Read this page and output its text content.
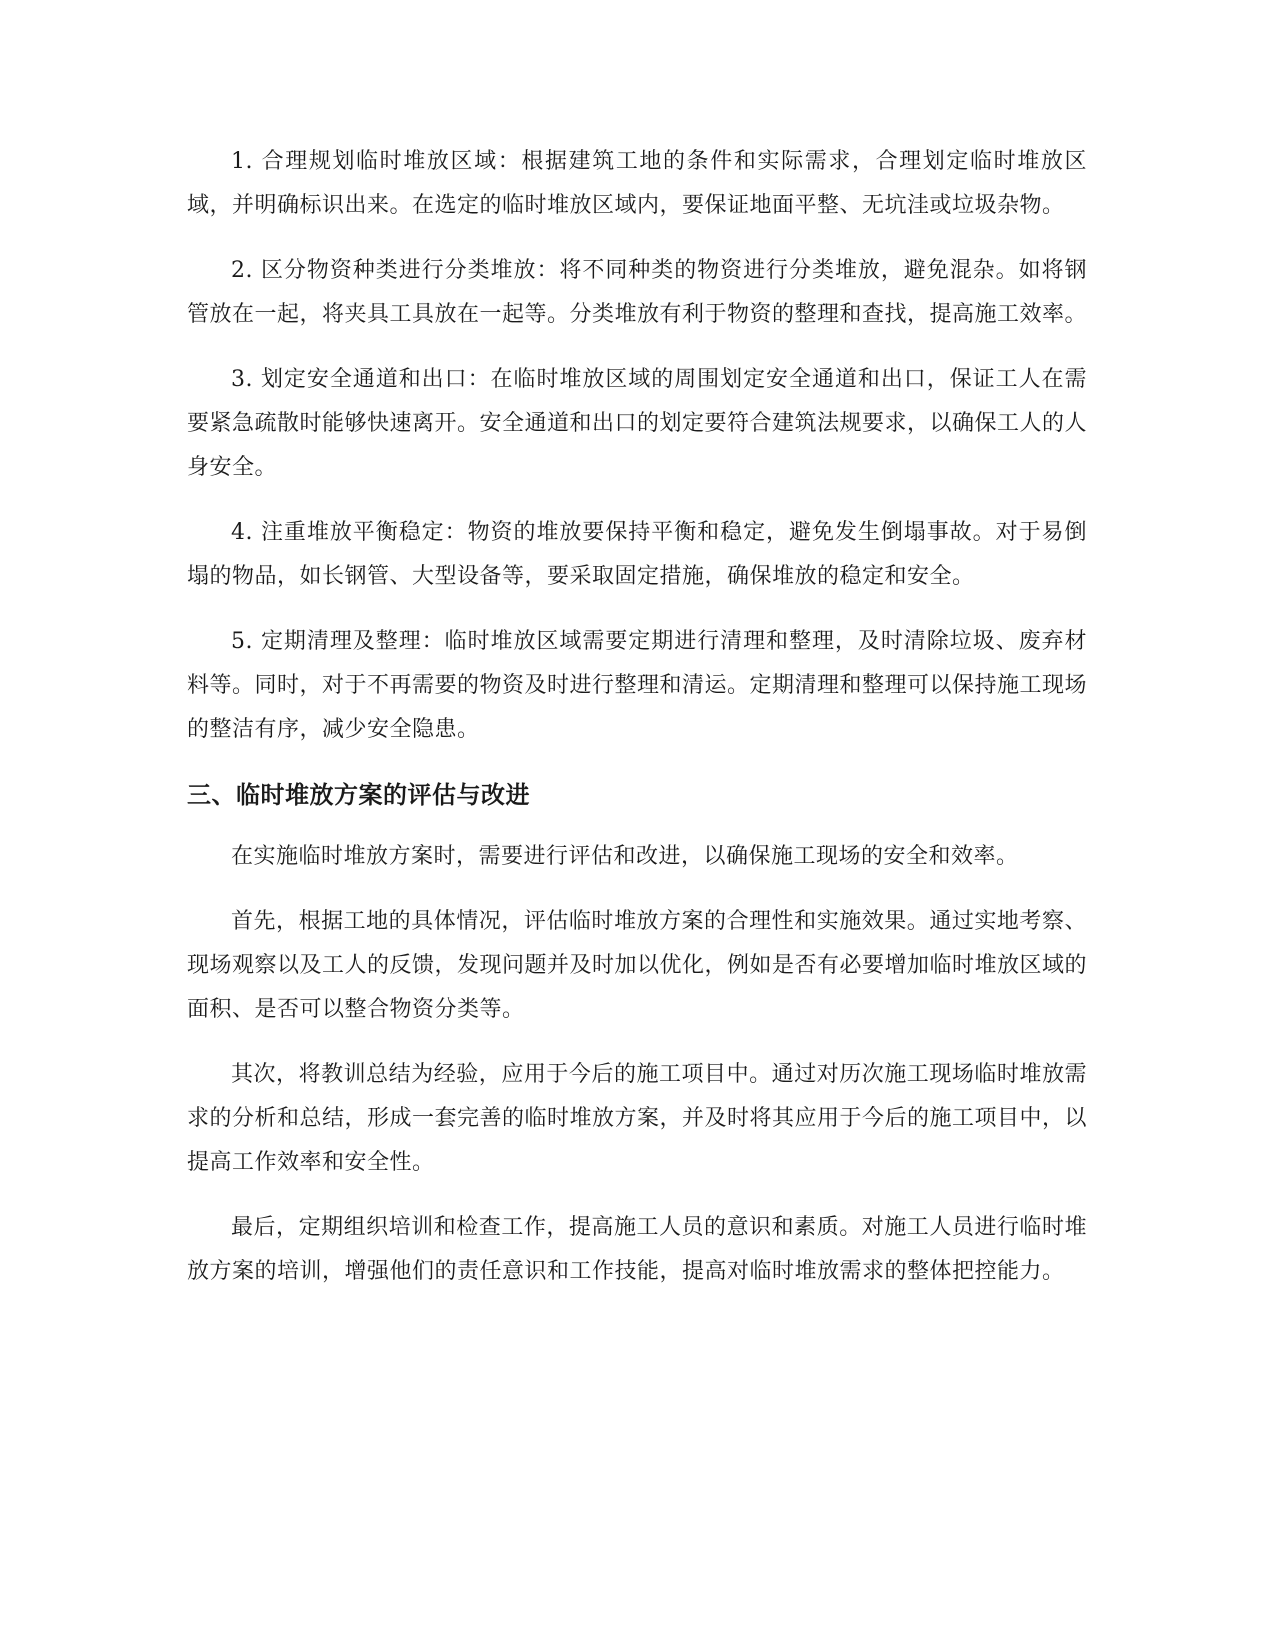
1. 合理规划临时堆放区域：根据建筑工地的条件和实际需求，合理划定临时堆放区域，并明确标识出来。在选定的临时堆放区域内，要保证地面平整、无坑洼或垃圾杂物。

2. 区分物资种类进行分类堆放：将不同种类的物资进行分类堆放，避免混杂。如将钢管放在一起，将夹具工具放在一起等。分类堆放有利于物资的整理和查找，提高施工效率。

3. 划定安全通道和出口：在临时堆放区域的周围划定安全通道和出口，保证工人在需要紧急疏散时能够快速离开。安全通道和出口的划定要符合建筑法规要求，以确保工人的人身安全。

4. 注重堆放平衡稳定：物资的堆放要保持平衡和稳定，避免发生倒塌事故。对于易倒塌的物品，如长钢管、大型设备等，要采取固定措施，确保堆放的稳定和安全。

5. 定期清理及整理：临时堆放区域需要定期进行清理和整理，及时清除垃圾、废弃材料等。同时，对于不再需要的物资及时进行整理和清运。定期清理和整理可以保持施工现场的整洁有序，减少安全隐患。

三、临时堆放方案的评估与改进

在实施临时堆放方案时，需要进行评估和改进，以确保施工现场的安全和效率。

首先，根据工地的具体情况，评估临时堆放方案的合理性和实施效果。通过实地考察、现场观察以及工人的反馈，发现问题并及时加以优化，例如是否有必要增加临时堆放区域的面积、是否可以整合物资分类等。

其次，将教训总结为经验，应用于今后的施工项目中。通过对历次施工现场临时堆放需求的分析和总结，形成一套完善的临时堆放方案，并及时将其应用于今后的施工项目中，以提高工作效率和安全性。

最后，定期组织培训和检查工作，提高施工人员的意识和素质。对施工人员进行临时堆放方案的培训，增强他们的责任意识和工作技能，提高对临时堆放需求的整体把控能力。
